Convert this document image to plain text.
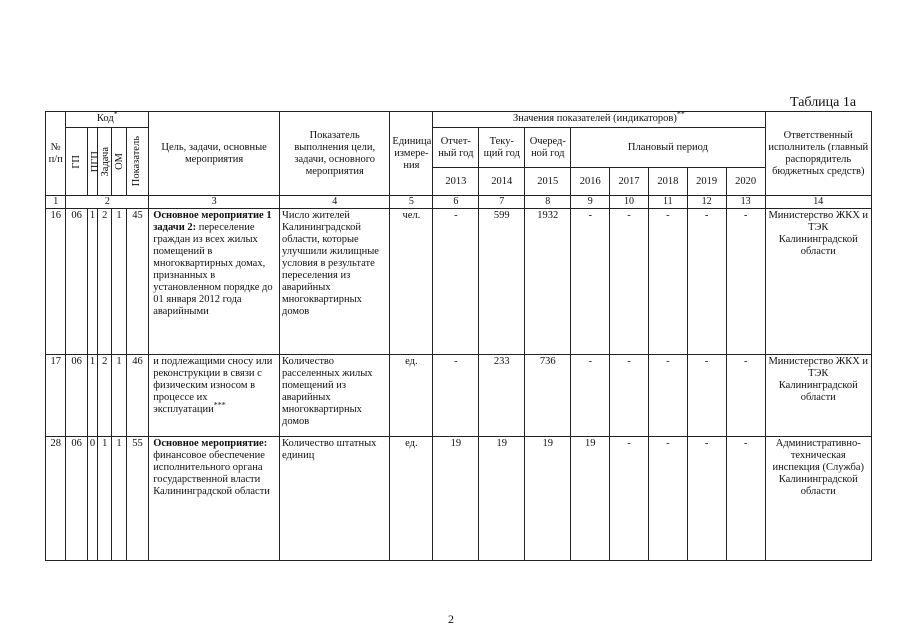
Таблица 1а
№ п/п	Код*					Цель, задачи, основные мероприятия	Показатель выполнения цели, задачи, основного мероприятия	Единица измере-ния	Значения показателей (индикаторов)**								Ответственный исполнитель (главный распорядитель бюджетных средств)

	ГП	ПГП	Задача	ОМ	Показатель				Отчет-ный год	Теку-щий год	Очеред-ной год	Плановый период					
									2013	2014	2015	2016	2017	2018	2019	2020	
1	2					3	4	5	6	7	8	9	10	11	12	13	14
16	06	1	2	1	45	Основное мероприятие 1 задачи 2: переселение граждан из всех жилых помещений в многоквартирных домах, признанных в установленном порядке до 01 января 2012 года аварийными	Число жителей Калининградской области, которые улучшили жилищные условия в результате переселения из аварийных многоквартирных домов	чел.	-	599	1932	-	-	-	-	-	Министерство ЖКХ и ТЭК Калининградской области
17	06	1	2	1	46	и подлежащими сносу или реконструкции в связи с физическим износом в процессе их эксплуатации***	Количество расселенных жилых помещений из аварийных многоквартирных домов	ед.	-	233	736	-	-	-	-	-	Министерство ЖКХ и ТЭК Калининградской области
28	06	0	1	1	55	Основное мероприятие: финансовое обеспечение исполнительного органа государственной власти Калининградской области	Количество штатных единиц	ед.	19	19	19	19	-	-	-	-	Административно-техническая инспекция (Служба) Калининградской области
2
